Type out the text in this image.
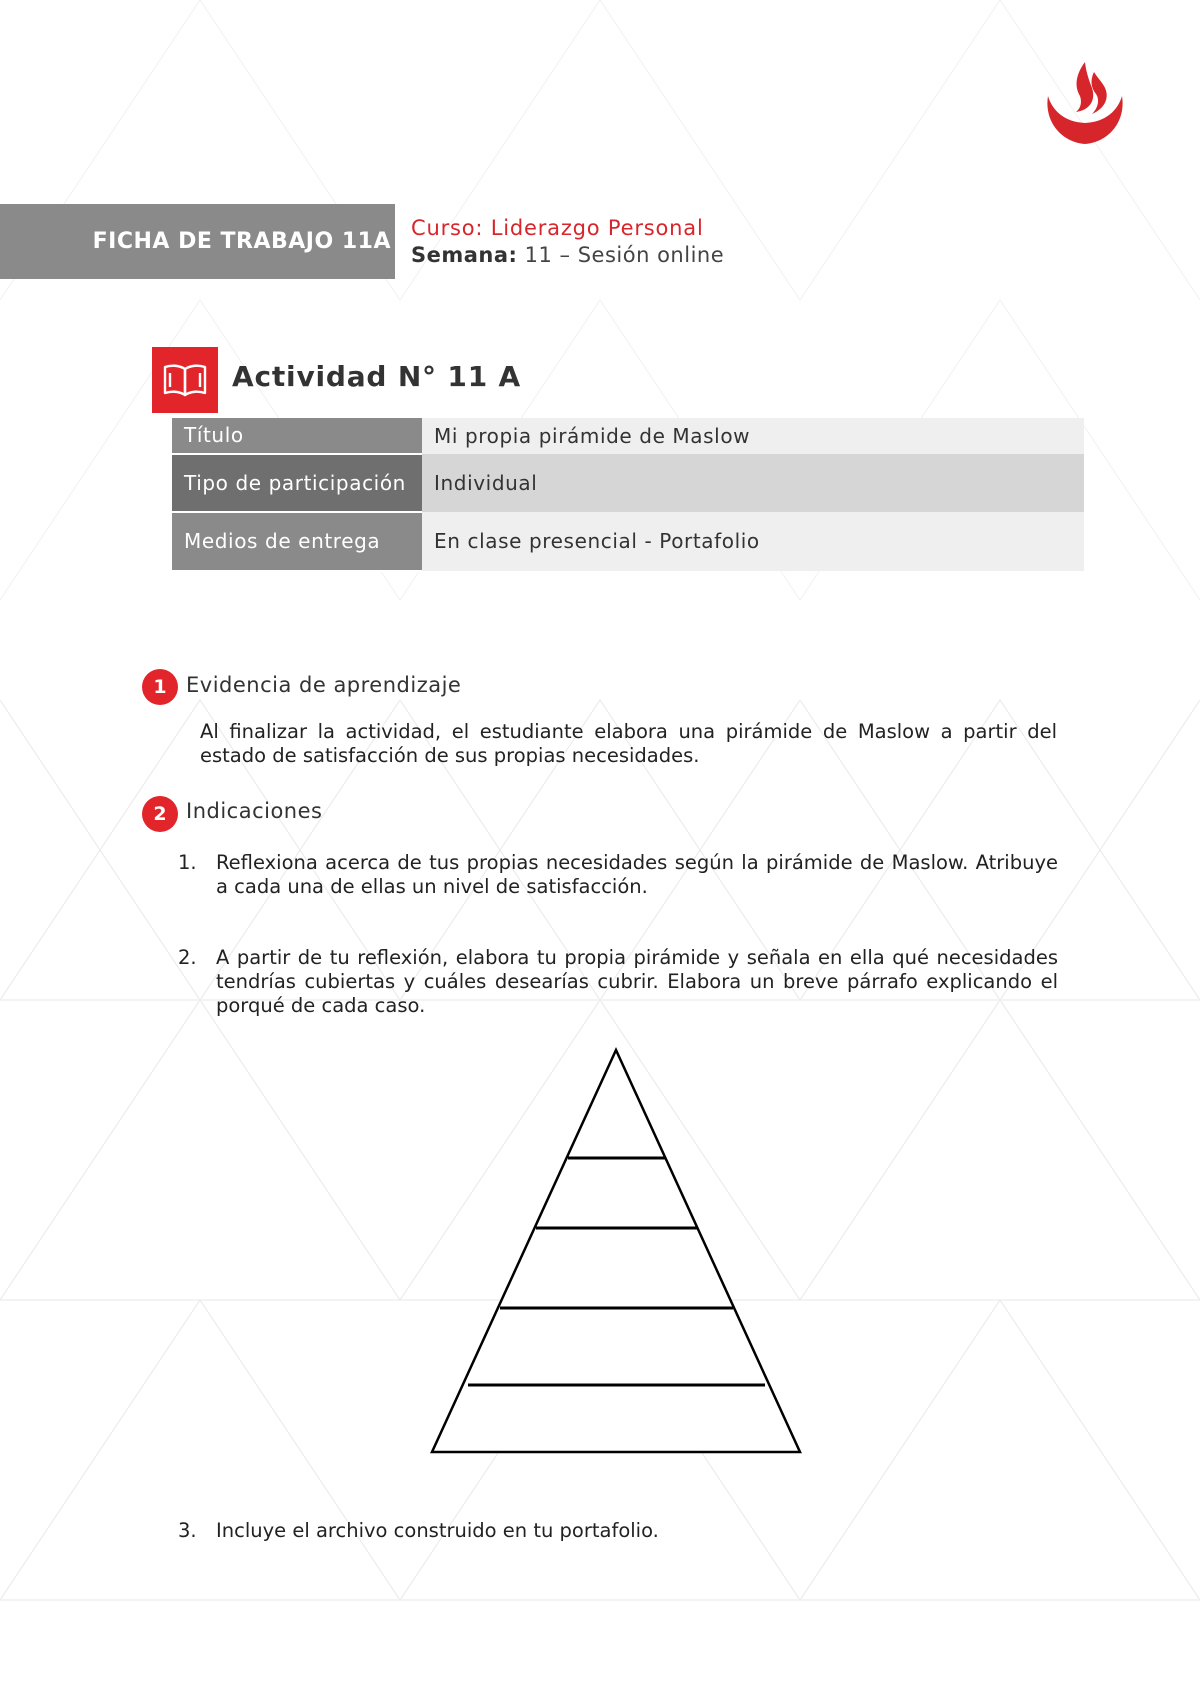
FICHA DE TRABAJO 11A
Curso: Liderazgo Personal
Semana: 11 – Sesión online
Actividad N° 11 A
Título	Mi propia pirámide de Maslow
Tipo de participación	Individual
Medios de entrega	En clase presencial - Portafolio
1 Evidencia de aprendizaje
Al finalizar la actividad, el estudiante elabora una pirámide de Maslow a partir del estado de satisfacción de sus propias necesidades.
2 Indicaciones
1. Reflexiona acerca de tus propias necesidades según la pirámide de Maslow. Atribuye a cada una de ellas un nivel de satisfacción.
2. A partir de tu reflexión, elabora tu propia pirámide y señala en ella qué necesidades tendrías cubiertas y cuáles desearías cubrir. Elabora un breve párrafo explicando el porqué de cada caso.
3. Incluye el archivo construido en tu portafolio.
